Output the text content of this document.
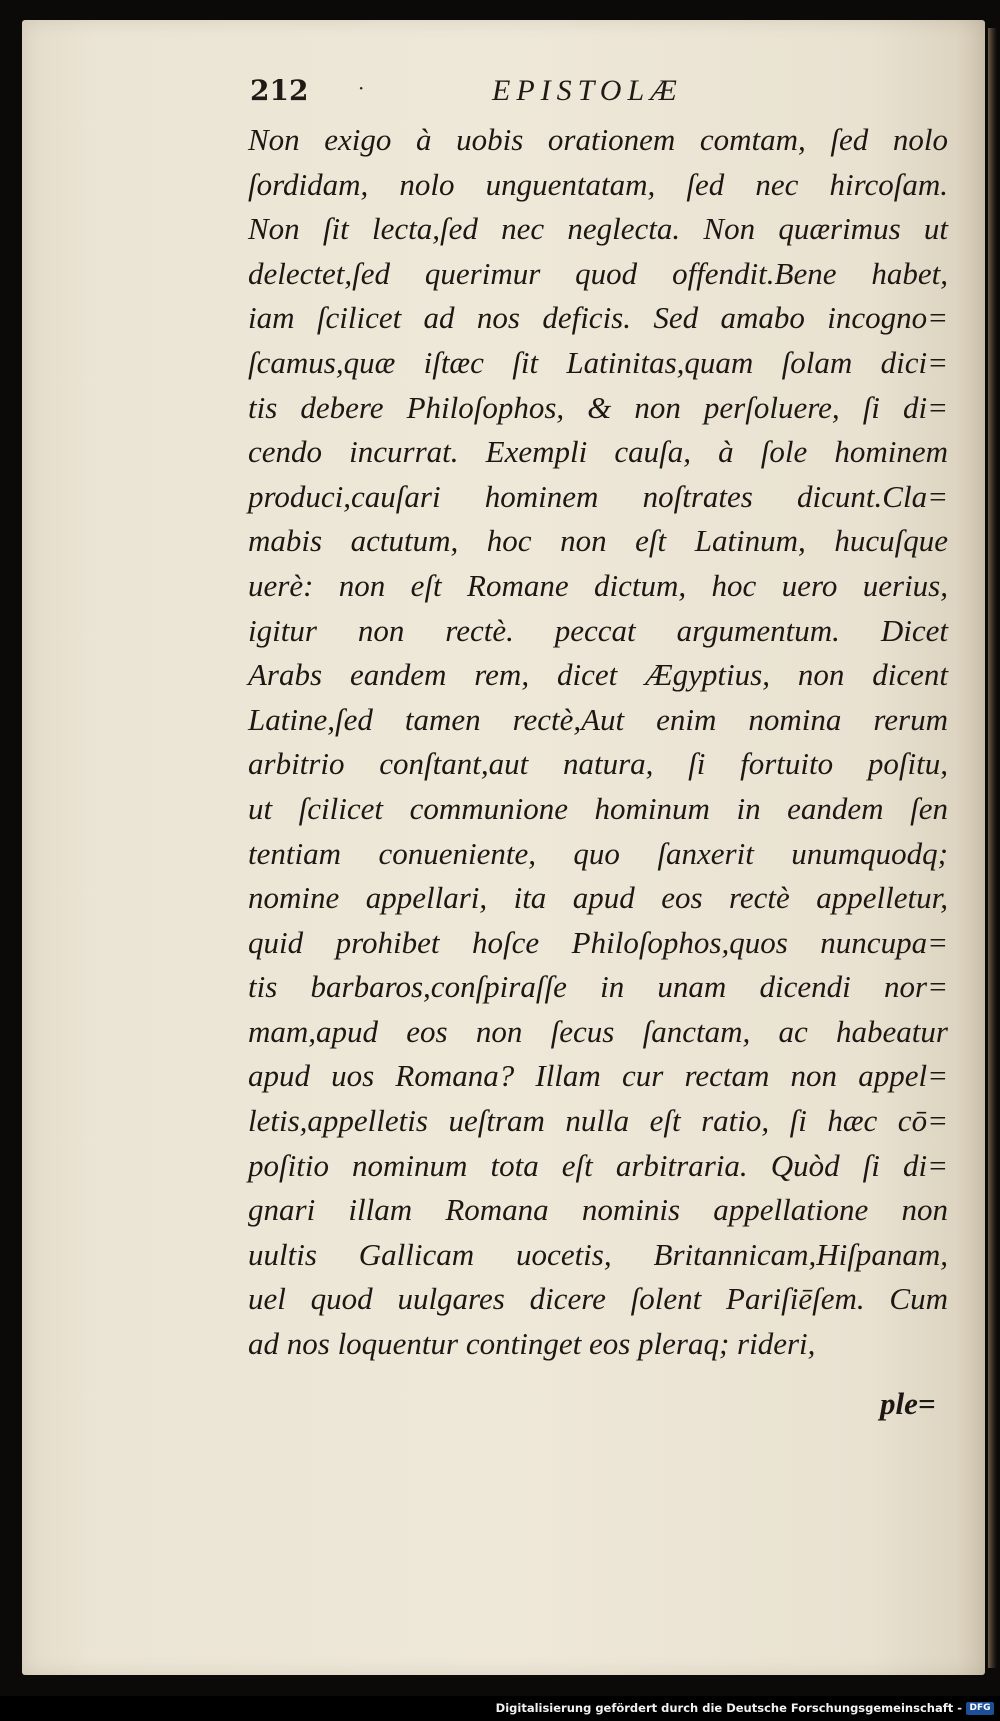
212 ·	EPISTOLÆ
Non exigo à uobis orationem comtam, ſed nolo
ſordidam, nolo unguentatam, ſed nec hircoſam.
Non ſit lecta,ſed nec neglecta. Non quærimus ut
delectet,ſed querimur quod offendit.Bene habet,
iam ſcilicet ad nos deficis. Sed amabo incogno=
ſcamus,quæ iſtæc ſit Latinitas,quam ſolam dici=
tis debere Philoſophos, & non perſoluere, ſi di=
cendo incurrat. Exempli cauſa, à ſole hominem
produci,cauſari hominem noſtrates dicunt.Cla=
mabis actutum, hoc non eſt Latinum, hucuſque
uerè: non eſt Romane dictum, hoc uero uerius,
igitur non rectè. peccat argumentum. Dicet
Arabs eandem rem, dicet Ægyptius, non dicent
Latine,ſed tamen rectè,Aut enim nomina rerum
arbitrio conſtant,aut natura, ſi fortuito poſitu,
ut ſcilicet communione hominum in eandem ſen
tentiam conueniente, quo ſanxerit unumquodq;
nomine appellari, ita apud eos rectè appelletur,
quid prohibet hoſce Philoſophos,quos nuncupa=
tis barbaros,conſpiraſſe in unam dicendi nor=
mam,apud eos non ſecus ſanctam, ac habeatur
apud uos Romana? Illam cur rectam non appel=
letis,appelletis ueſtram nulla eſt ratio, ſi hæc cō=
poſitio nominum tota eſt arbitraria. Quòd ſi di=
gnari illam Romana nominis appellatione non
uultis Gallicam uocetis, Britannicam,Hiſpanam,
uel quod uulgares dicere ſolent Pariſiēſem. Cum
ad nos loquentur continget eos pleraq; rideri,
ple=
Digitalisierung gefördert durch die Deutsche Forschungsgemeinschaft - DFG
